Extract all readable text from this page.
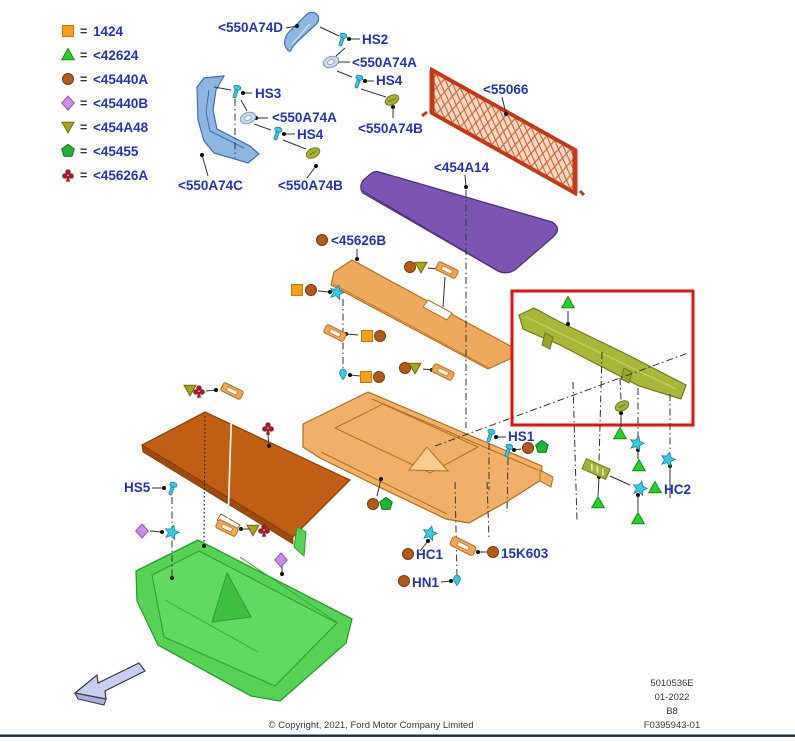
= 1424
= <42624
= <45440A
= <45440B
= <454A48
= <45455
= <45626A
<550A74D
HS2
<550A74A
HS4
<55066
<550A74B
HS3
<550A74A
HS4
<550A74C	<550A74B
<45626B
<454A14
HS1
HS5
HC1	15K603
HN1
HC2
© Copyright, 2021, Ford Motor Company Limited
5010536E
01-2022
B8
F0395943-01
